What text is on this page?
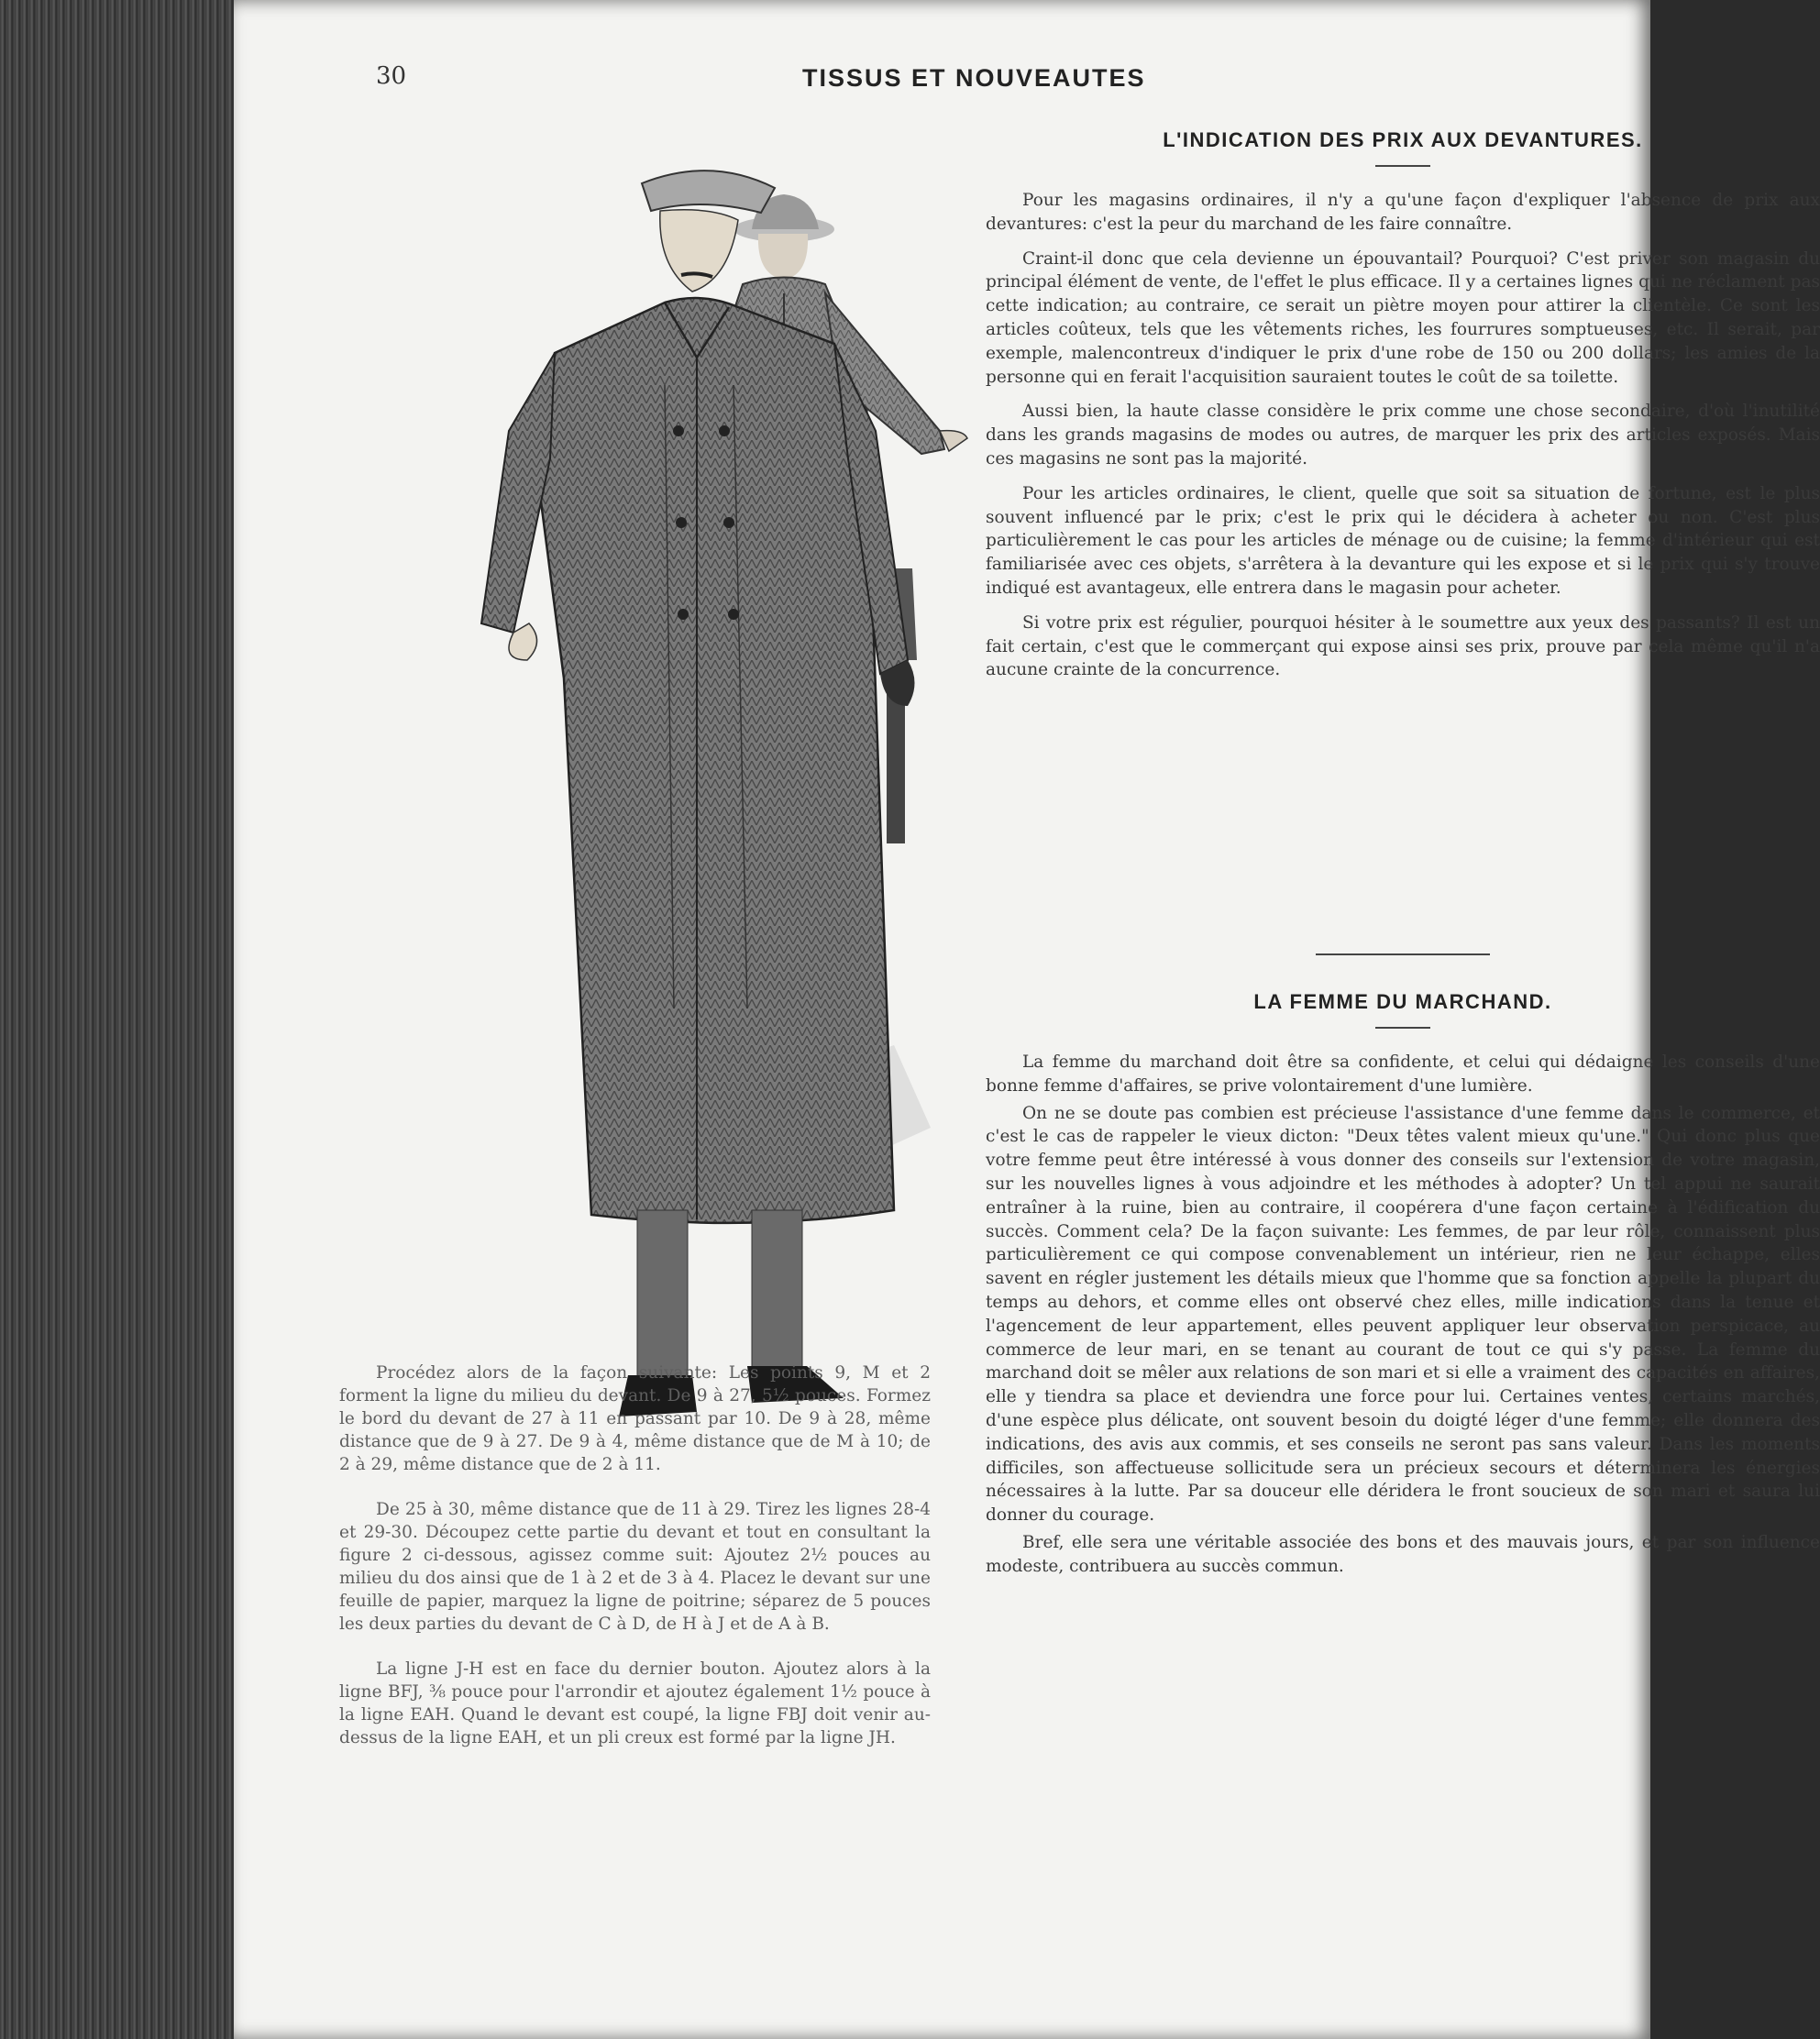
30	TISSUS ET NOUVEAUTES
L'INDICATION DES PRIX AUX DEVANTURES.

Pour les magasins ordinaires, il n'y a qu'une façon d'expliquer l'absence de prix aux devantures: c'est la peur du marchand de les faire connaître.

Craint-il donc que cela devienne un épouvantail? Pourquoi? C'est priver son magasin du principal élément de vente, de l'effet le plus efficace. Il y a certaines lignes qui ne réclament pas cette indication; au contraire, ce serait un piètre moyen pour attirer la clientèle. Ce sont les articles coûteux, tels que les vêtements riches, les fourrures somptueuses, etc. Il serait, par exemple, malencontreux d'indiquer le prix d'une robe de 150 ou 200 dollars; les amies de la personne qui en ferait l'acquisition sauraient toutes le coût de sa toilette.

Aussi bien, la haute classe considère le prix comme une chose secondaire, d'où l'inutilité dans les grands magasins de modes ou autres, de marquer les prix des articles exposés. Mais ces magasins ne sont pas la majorité.

Pour les articles ordinaires, le client, quelle que soit sa situation de fortune, est le plus souvent influencé par le prix; c'est le prix qui le décidera à acheter ou non. C'est plus particulièrement le cas pour les articles de ménage ou de cuisine; la femme d'intérieur qui est familiarisée avec ces objets, s'arrêtera à la devanture qui les expose et si le prix qui s'y trouve indiqué est avantageux, elle entrera dans le magasin pour acheter.

Si votre prix est régulier, pourquoi hésiter à le soumettre aux yeux des passants? Il est un fait certain, c'est que le commerçant qui expose ainsi ses prix, prouve par cela même qu'il n'a aucune crainte de la concurrence.

LA FEMME DU MARCHAND.

La femme du marchand doit être sa confidente, et celui qui dédaigne les conseils d'une bonne femme d'affaires, se prive volontairement d'une lumière.

On ne se doute pas combien est précieuse l'assistance d'une femme dans le commerce, et c'est le cas de rappeler le vieux dicton: "Deux têtes valent mieux qu'une." Qui donc plus que votre femme peut être intéressé à vous donner des conseils sur l'extension de votre magasin, sur les nouvelles lignes à vous adjoindre et les méthodes à adopter? Un tel appui ne saurait entraîner à la ruine, bien au contraire, il coopérera d'une façon certaine à l'édification du succès. Comment cela? De la façon suivante: Les femmes, de par leur rôle, connaissent plus particulièrement ce qui compose convenablement un intérieur, rien ne leur échappe, elles savent en régler justement les détails mieux que l'homme que sa fonction appelle la plupart du temps au dehors, et comme elles ont observé chez elles, mille indications dans la tenue et l'agencement de leur appartement, elles peuvent appliquer leur observation perspicace, au commerce de leur mari, en se tenant au courant de tout ce qui s'y passe. La femme du marchand doit se mêler aux relations de son mari et si elle a vraiment des capacités en affaires, elle y tiendra sa place et deviendra une force pour lui. Certaines ventes, certains marchés, d'une espèce plus délicate, ont souvent besoin du doigté léger d'une femme; elle donnera des indications, des avis aux commis, et ses conseils ne seront pas sans valeur. Dans les moments difficiles, son affectueuse sollicitude sera un précieux secours et déterminera les énergies nécessaires à la lutte. Par sa douceur elle déridera le front soucieux de son mari et saura lui donner du courage.

Bref, elle sera une véritable associée des bons et des mauvais jours, et par son influence modeste, contribuera au succès commun.

Procédez alors de la façon suivante: Les points 9, M et 2 forment la ligne du milieu du devant. De 9 à 27, 5½ pouces. Formez le bord du devant de 27 à 11 en passant par 10. De 9 à 28, même distance que de 9 à 27. De 9 à 4, même distance que de M à 10; de 2 à 29, même distance que de 2 à 11.

De 25 à 30, même distance que de 11 à 29. Tirez les lignes 28-4 et 29-30. Découpez cette partie du devant et tout en consultant la figure 2 ci-dessous, agissez comme suit: Ajoutez 2½ pouces au milieu du dos ainsi que de 1 à 2 et de 3 à 4. Placez le devant sur une feuille de papier, marquez la ligne de poitrine; séparez de 5 pouces les deux parties du devant de C à D, de H à J et de A à B.

La ligne J-H est en face du dernier bouton. Ajoutez alors à la ligne BFJ, ⅜ pouce pour l'arrondir et ajoutez également 1½ pouce à la ligne EAH. Quand le devant est coupé, la ligne FBJ doit venir au-dessus de la ligne EAH, et un pli creux est formé par la ligne JH.
